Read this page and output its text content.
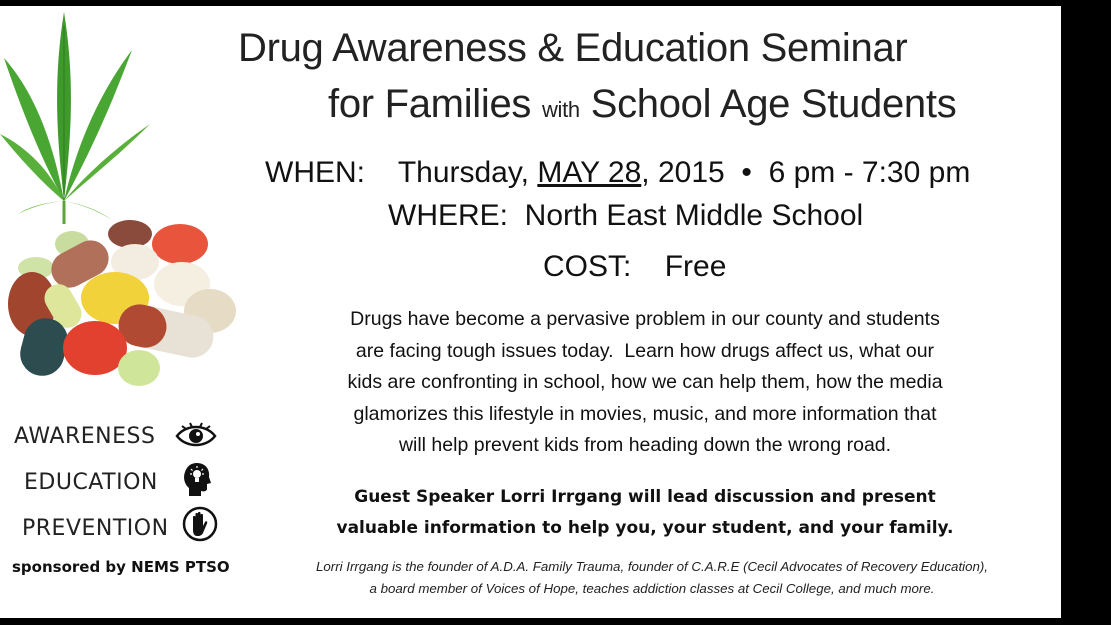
Drug Awareness & Education Seminar
for Families with School Age Students
WHEN: Thursday, MAY 28, 2015 • 6 pm - 7:30 pm
WHERE: North East Middle School
COST: Free
Drugs have become a pervasive problem in our county and students
are facing tough issues today.  Learn how drugs affect us, what our
kids are confronting in school, how we can help them, how the media
glamorizes this lifestyle in movies, music, and more information that
will help prevent kids from heading down the wrong road.
Guest Speaker Lorri Irrgang will lead discussion and present
valuable information to help you, your student, and your family.
Lorri Irrgang is the founder of A.D.A. Family Trauma, founder of C.A.R.E (Cecil Advocates of Recovery Education),
a board member of Voices of Hope, teaches addiction classes at Cecil College, and much more.
AWARENESS
EDUCATION
PREVENTION
sponsored by NEMS PTSO
